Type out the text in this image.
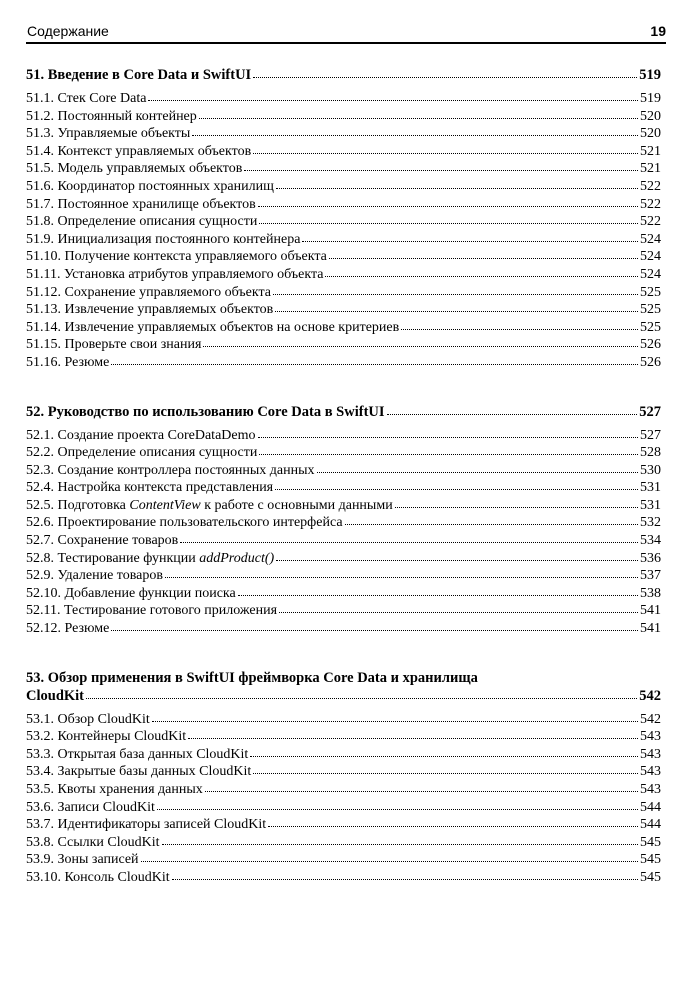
Содержание	19
51. Введение в Core Data и SwiftUI	519
51.1. Стек Core Data	519
51.2. Постоянный контейнер	520
51.3. Управляемые объекты	520
51.4. Контекст управляемых объектов	521
51.5. Модель управляемых объектов	521
51.6. Координатор постоянных хранилищ	522
51.7. Постоянное хранилище объектов	522
51.8. Определение описания сущности	522
51.9. Инициализация постоянного контейнера	524
51.10. Получение контекста управляемого объекта	524
51.11. Установка атрибутов управляемого объекта	524
51.12. Сохранение управляемого объекта	525
51.13. Извлечение управляемых объектов	525
51.14. Извлечение управляемых объектов на основе критериев	525
51.15. Проверьте свои знания	526
51.16. Резюме	526
52. Руководство по использованию Core Data в SwiftUI	527
52.1. Создание проекта CoreDataDemo	527
52.2. Определение описания сущности	528
52.3. Создание контроллера постоянных данных	530
52.4. Настройка контекста представления	531
52.5. Подготовка ContentView к работе с основными данными	531
52.6. Проектирование пользовательского интерфейса	532
52.7. Сохранение товаров	534
52.8. Тестирование функции addProduct()	536
52.9. Удаление товаров	537
52.10. Добавление функции поиска	538
52.11. Тестирование готового приложения	541
52.12. Резюме	541
53. Обзор применения в SwiftUI фреймворка Core Data и хранилища
CloudKit	542
53.1. Обзор CloudKit	542
53.2. Контейнеры CloudKit	543
53.3. Открытая база данных CloudKit	543
53.4. Закрытые базы данных CloudKit	543
53.5. Квоты хранения данных	543
53.6. Записи CloudKit	544
53.7. Идентификаторы записей CloudKit	544
53.8. Ссылки CloudKit	545
53.9. Зоны записей	545
53.10. Консоль CloudKit	545
